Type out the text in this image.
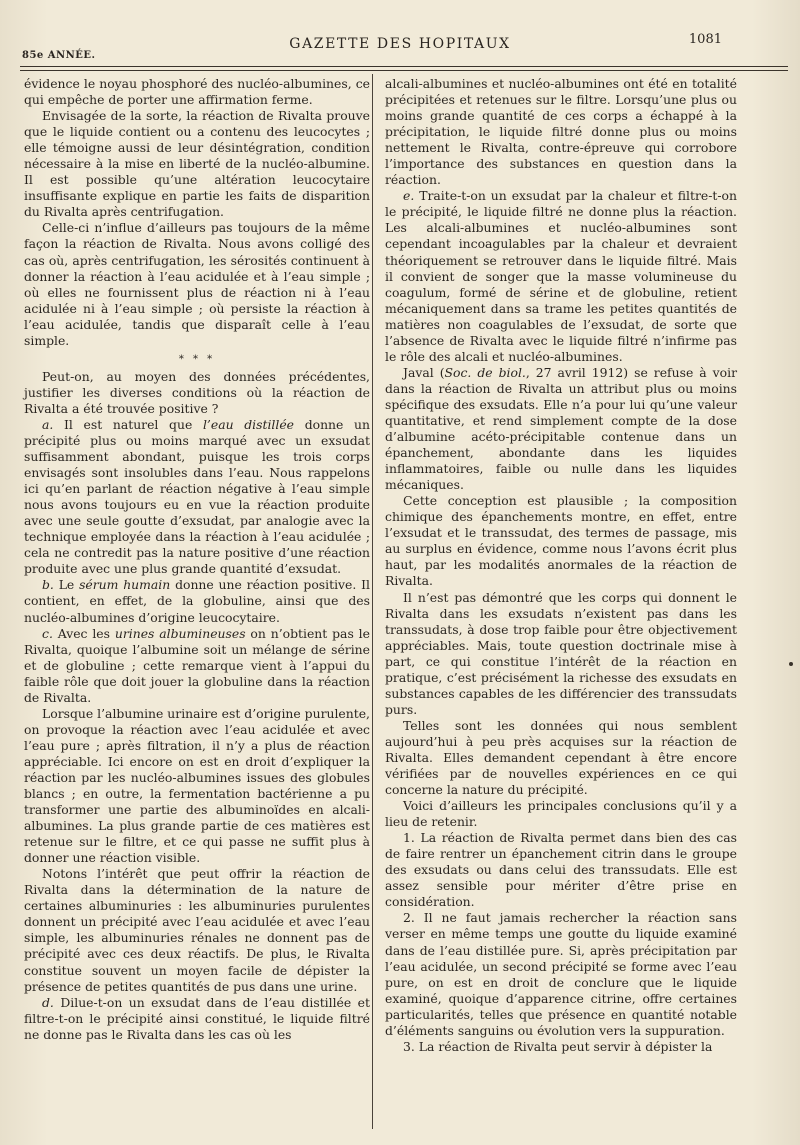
85e ANNÉE.
GAZETTE DES HOPITAUX	1081

évidence le noyau phosphoré des nucléo-albumines, ce qui empêche de porter une affirmation ferme.

Envisagée de la sorte, la réaction de Rivalta prouve que le liquide contient ou a contenu des leucocytes ; elle témoigne aussi de leur désintégration, condition nécessaire à la mise en liberté de la nucléo-albumine. Il est possible qu’une altération leucocytaire insuffisante explique en partie les faits de disparition du Rivalta après centrifugation.

Celle-ci n’influe d’ailleurs pas toujours de la même façon la réaction de Rivalta. Nous avons colligé des cas où, après centrifugation, les sérosités continuent à donner la réaction à l’eau acidulée et à l’eau simple ; où elles ne fournissent plus de réaction ni à l’eau acidulée ni à l’eau simple ; où persiste la réaction à l’eau acidulée, tandis que disparaît celle à l’eau simple.

* * *

Peut-on, au moyen des données précédentes, justifier les diverses conditions où la réaction de Rivalta a été trouvée positive ?

a. Il est naturel que l’eau distillée donne un précipité plus ou moins marqué avec un exsudat suffisamment abondant, puisque les trois corps envisagés sont insolubles dans l’eau. Nous rappelons ici qu’en parlant de réaction négative à l’eau simple nous avons toujours eu en vue la réaction produite avec une seule goutte d’exsudat, par analogie avec la technique employée dans la réaction à l’eau acidulée ; cela ne contredit pas la nature positive d’une réaction produite avec une plus grande quantité d’exsudat.

b. Le sérum humain donne une réaction positive. Il contient, en effet, de la globuline, ainsi que des nucléo-albumines d’origine leucocytaire.

c. Avec les urines albumineuses on n’obtient pas le Rivalta, quoique l’albumine soit un mélange de sérine et de globuline ; cette remarque vient à l’appui du faible rôle que doit jouer la globuline dans la réaction de Rivalta.

Lorsque l’albumine urinaire est d’origine purulente, on provoque la réaction avec l’eau acidulée et avec l’eau pure ; après filtration, il n’y a plus de réaction appréciable. Ici encore on est en droit d’expliquer la réaction par les nucléo-albumines issues des globules blancs ; en outre, la fermentation bactérienne a pu transformer une partie des albuminoïdes en alcali-albumines. La plus grande partie de ces matières est retenue sur le filtre, et ce qui passe ne suffit plus à donner une réaction visible.

Notons l’intérêt que peut offrir la réaction de Rivalta dans la détermination de la nature de certaines albuminuries : les albuminuries purulentes donnent un précipité avec l’eau acidulée et avec l’eau simple, les albuminuries rénales ne donnent pas de précipité avec ces deux réactifs. De plus, le Rivalta constitue souvent un moyen facile de dépister la présence de petites quantités de pus dans une urine.

d. Dilue-t-on un exsudat dans de l’eau distillée et filtre-t-on le précipité ainsi constitué, le liquide filtré ne donne pas le Rivalta dans les cas où les

alcali-albumines et nucléo-albumines ont été en totalité précipitées et retenues sur le filtre. Lorsqu’une plus ou moins grande quantité de ces corps a échappé à la précipitation, le liquide filtré donne plus ou moins nettement le Rivalta, contre-épreuve qui corrobore l’importance des substances en question dans la réaction.

e. Traite-t-on un exsudat par la chaleur et filtre-t-on le précipité, le liquide filtré ne donne plus la réaction. Les alcali-albumines et nucléo-albumines sont cependant incoagulables par la chaleur et devraient théoriquement se retrouver dans le liquide filtré. Mais il convient de songer que la masse volumineuse du coagulum, formé de sérine et de globuline, retient mécaniquement dans sa trame les petites quantités de matières non coagulables de l’exsudat, de sorte que l’absence de Rivalta avec le liquide filtré n’infirme pas le rôle des alcali et nucléo-albumines.

Javal (Soc. de biol., 27 avril 1912) se refuse à voir dans la réaction de Rivalta un attribut plus ou moins spécifique des exsudats. Elle n’a pour lui qu’une valeur quantitative, et rend simplement compte de la dose d’albumine acéto-précipitable contenue dans un épanchement, abondante dans les liquides inflammatoires, faible ou nulle dans les liquides mécaniques.

Cette conception est plausible ; la composition chimique des épanchements montre, en effet, entre l’exsudat et le transsudat, des termes de passage, mis au surplus en évidence, comme nous l’avons écrit plus haut, par les modalités anormales de la réaction de Rivalta.

Il n’est pas démontré que les corps qui donnent le Rivalta dans les exsudats n’existent pas dans les transsudats, à dose trop faible pour être objectivement appréciables. Mais, toute question doctrinale mise à part, ce qui constitue l’intérêt de la réaction en pratique, c’est précisément la richesse des exsudats en substances capables de les différencier des transsudats purs.

Telles sont les données qui nous semblent aujourd’hui à peu près acquises sur la réaction de Rivalta. Elles demandent cependant à être encore vérifiées par de nouvelles expériences en ce qui concerne la nature du précipité.

Voici d’ailleurs les principales conclusions qu’il y a lieu de retenir.

1. La réaction de Rivalta permet dans bien des cas de faire rentrer un épanchement citrin dans le groupe des exsudats ou dans celui des transsudats. Elle est assez sensible pour mériter d’être prise en considération.

2. Il ne faut jamais rechercher la réaction sans verser en même temps une goutte du liquide examiné dans de l’eau distillée pure. Si, après précipitation par l’eau acidulée, un second précipité se forme avec l’eau pure, on est en droit de conclure que le liquide examiné, quoique d’apparence citrine, offre certaines particularités, telles que présence en quantité notable d’éléments sanguins ou évolution vers la suppuration.

3. La réaction de Rivalta peut servir à dépister la
